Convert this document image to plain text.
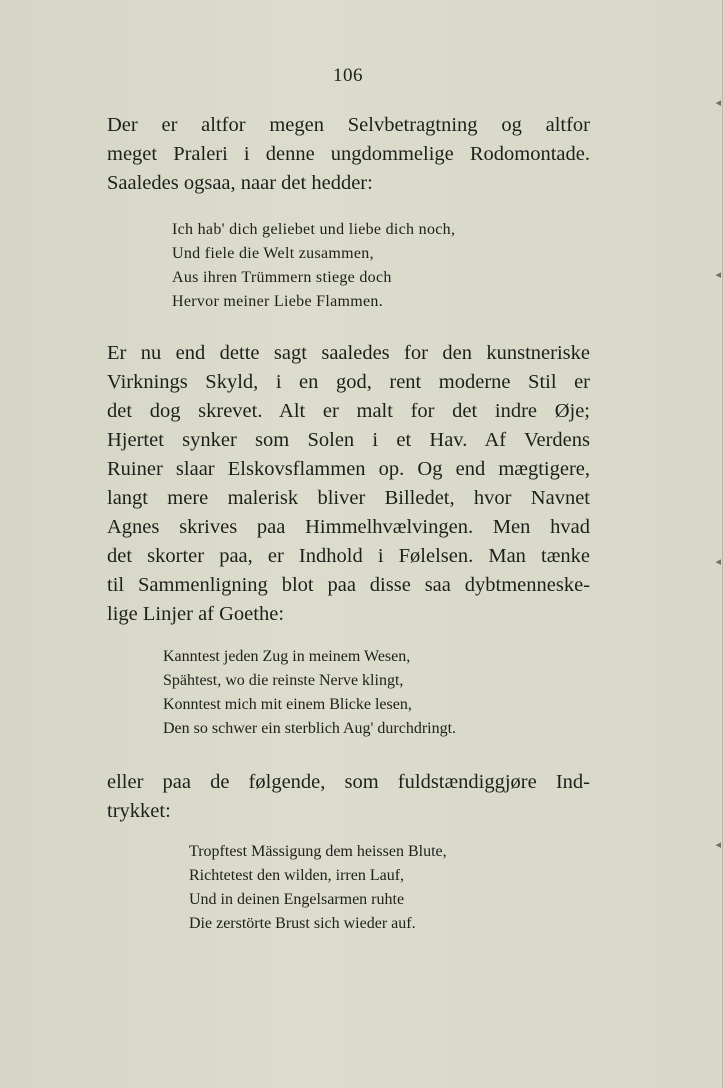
106
Der er altfor megen Selvbetragtning og altfor
meget Praleri i denne ungdommelige Rodomontade.
Saaledes ogsaa, naar det hedder:
Ich hab' dich geliebet und liebe dich noch,
Und fiele die Welt zusammen,
Aus ihren Trümmern stiege doch
Hervor meiner Liebe Flammen.
Er nu end dette sagt saaledes for den kunstneriske
Virknings Skyld, i en god, rent moderne Stil er
det dog skrevet. Alt er malt for det indre Øje;
Hjertet synker som Solen i et Hav. Af Verdens
Ruiner slaar Elskovsflammen op. Og end mægtigere,
langt mere malerisk bliver Billedet, hvor Navnet
Agnes skrives paa Himmelhvælvingen. Men hvad
det skorter paa, er Indhold i Følelsen. Man tænke
til Sammenligning blot paa disse saa dybtmenneske-
lige Linjer af Goethe:
Kanntest jeden Zug in meinem Wesen,
Spähtest, wo die reinste Nerve klingt,
Konntest mich mit einem Blicke lesen,
Den so schwer ein sterblich Aug' durchdringt.
eller paa de følgende, som fuldstændiggjøre Ind-
trykket:
Tropftest Mässigung dem heissen Blute,
Richtetest den wilden, irren Lauf,
Und in deinen Engelsarmen ruhte
Die zerstörte Brust sich wieder auf.
◂
◂
◂
◂
